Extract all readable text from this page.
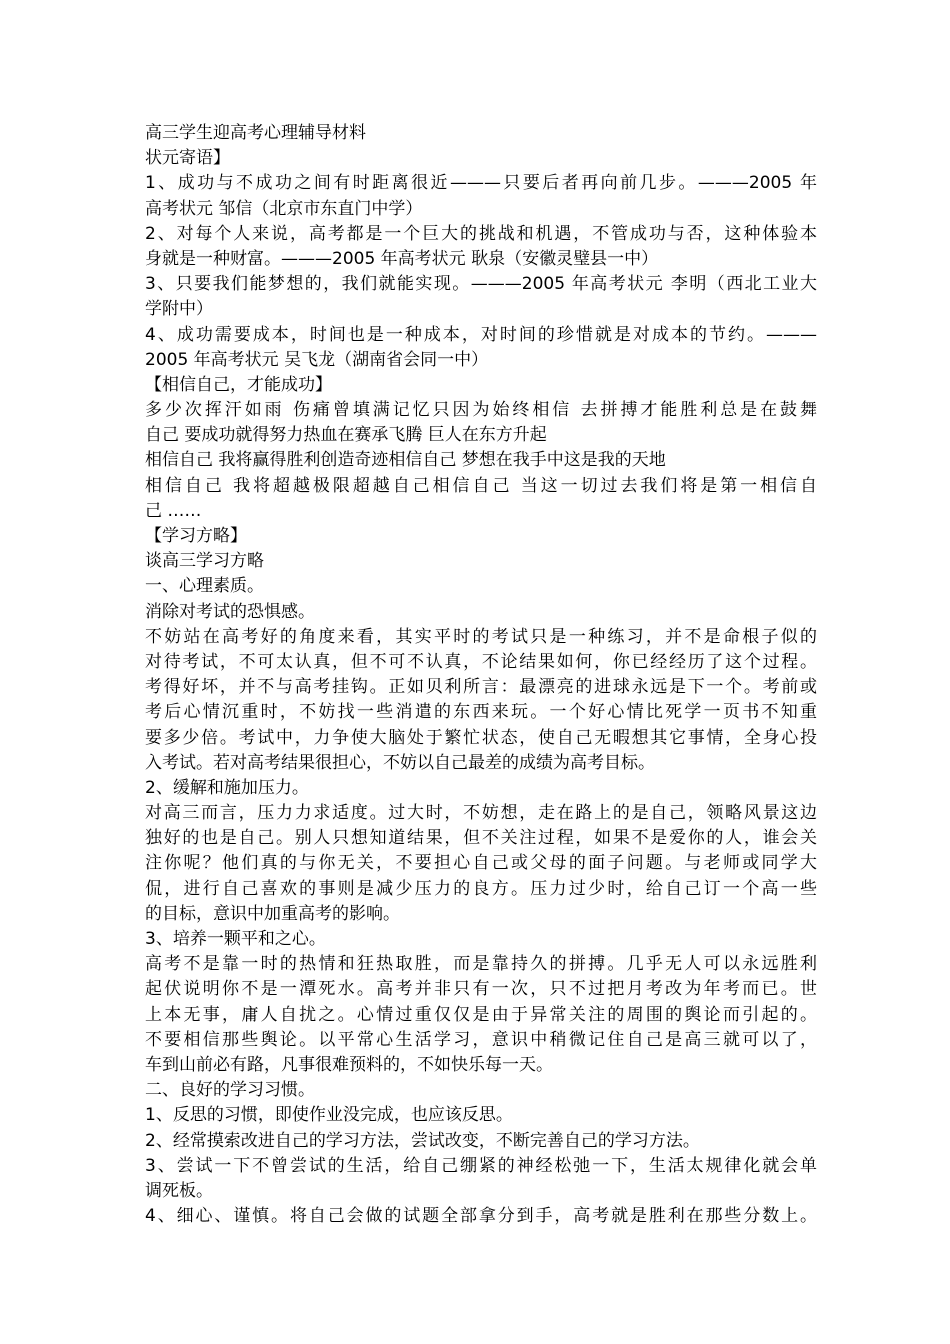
高三学生迎高考心理辅导材料
状元寄语】
1、成功与不成功之间有时距离很近———只要后者再向前几步。———2005 年
高考状元 邹信（北京市东直门中学）
2、对每个人来说，高考都是一个巨大的挑战和机遇，不管成功与否，这种体验本
身就是一种财富。———2005 年高考状元 耿泉（安徽灵璧县一中）
3、只要我们能梦想的，我们就能实现。———2005 年高考状元 李明（西北工业大
学附中）
4、成功需要成本，时间也是一种成本，对时间的珍惜就是对成本的节约。———
2005 年高考状元 吴飞龙（湖南省会同一中）
【相信自己，才能成功】
多少次挥汗如雨 伤痛曾填满记忆只因为始终相信 去拼搏才能胜利总是在鼓舞
自己 要成功就得努力热血在赛承飞腾 巨人在东方升起
相信自己 我将赢得胜利创造奇迹相信自己 梦想在我手中这是我的天地
相信自己 我将超越极限超越自己相信自己 当这一切过去我们将是第一相信自
己 ……
【学习方略】
谈高三学习方略
一、心理素质。
消除对考试的恐惧感。
不妨站在高考好的角度来看，其实平时的考试只是一种练习，并不是命根子似的
对待考试，不可太认真，但不可不认真，不论结果如何，你已经经历了这个过程。
考得好坏，并不与高考挂钩。正如贝利所言：最漂亮的进球永远是下一个。考前或
考后心情沉重时，不妨找一些消遣的东西来玩。一个好心情比死学一页书不知重
要多少倍。考试中，力争使大脑处于繁忙状态，使自己无暇想其它事情，全身心投
入考试。若对高考结果很担心，不妨以自己最差的成绩为高考目标。
2、缓解和施加压力。
对高三而言，压力力求适度。过大时，不妨想，走在路上的是自己，领略风景这边
独好的也是自己。别人只想知道结果，但不关注过程，如果不是爱你的人，谁会关
注你呢？他们真的与你无关，不要担心自己或父母的面子问题。与老师或同学大
侃，进行自己喜欢的事则是减少压力的良方。压力过少时，给自己订一个高一些
的目标，意识中加重高考的影响。
3、培养一颗平和之心。
高考不是靠一时的热情和狂热取胜，而是靠持久的拼搏。几乎无人可以永远胜利
起伏说明你不是一潭死水。高考并非只有一次，只不过把月考改为年考而已。世
上本无事，庸人自扰之。心情过重仅仅是由于异常关注的周围的舆论而引起的。
不要相信那些舆论。以平常心生活学习，意识中稍微记住自己是高三就可以了，
车到山前必有路，凡事很难预料的，不如快乐每一天。
二、良好的学习习惯。
1、反思的习惯，即使作业没完成，也应该反思。
2、经常摸索改进自己的学习方法，尝试改变，不断完善自己的学习方法。
3、尝试一下不曾尝试的生活，给自己绷紧的神经松弛一下，生活太规律化就会单
调死板。
4、细心、谨慎。将自己会做的试题全部拿分到手，高考就是胜利在那些分数上。
